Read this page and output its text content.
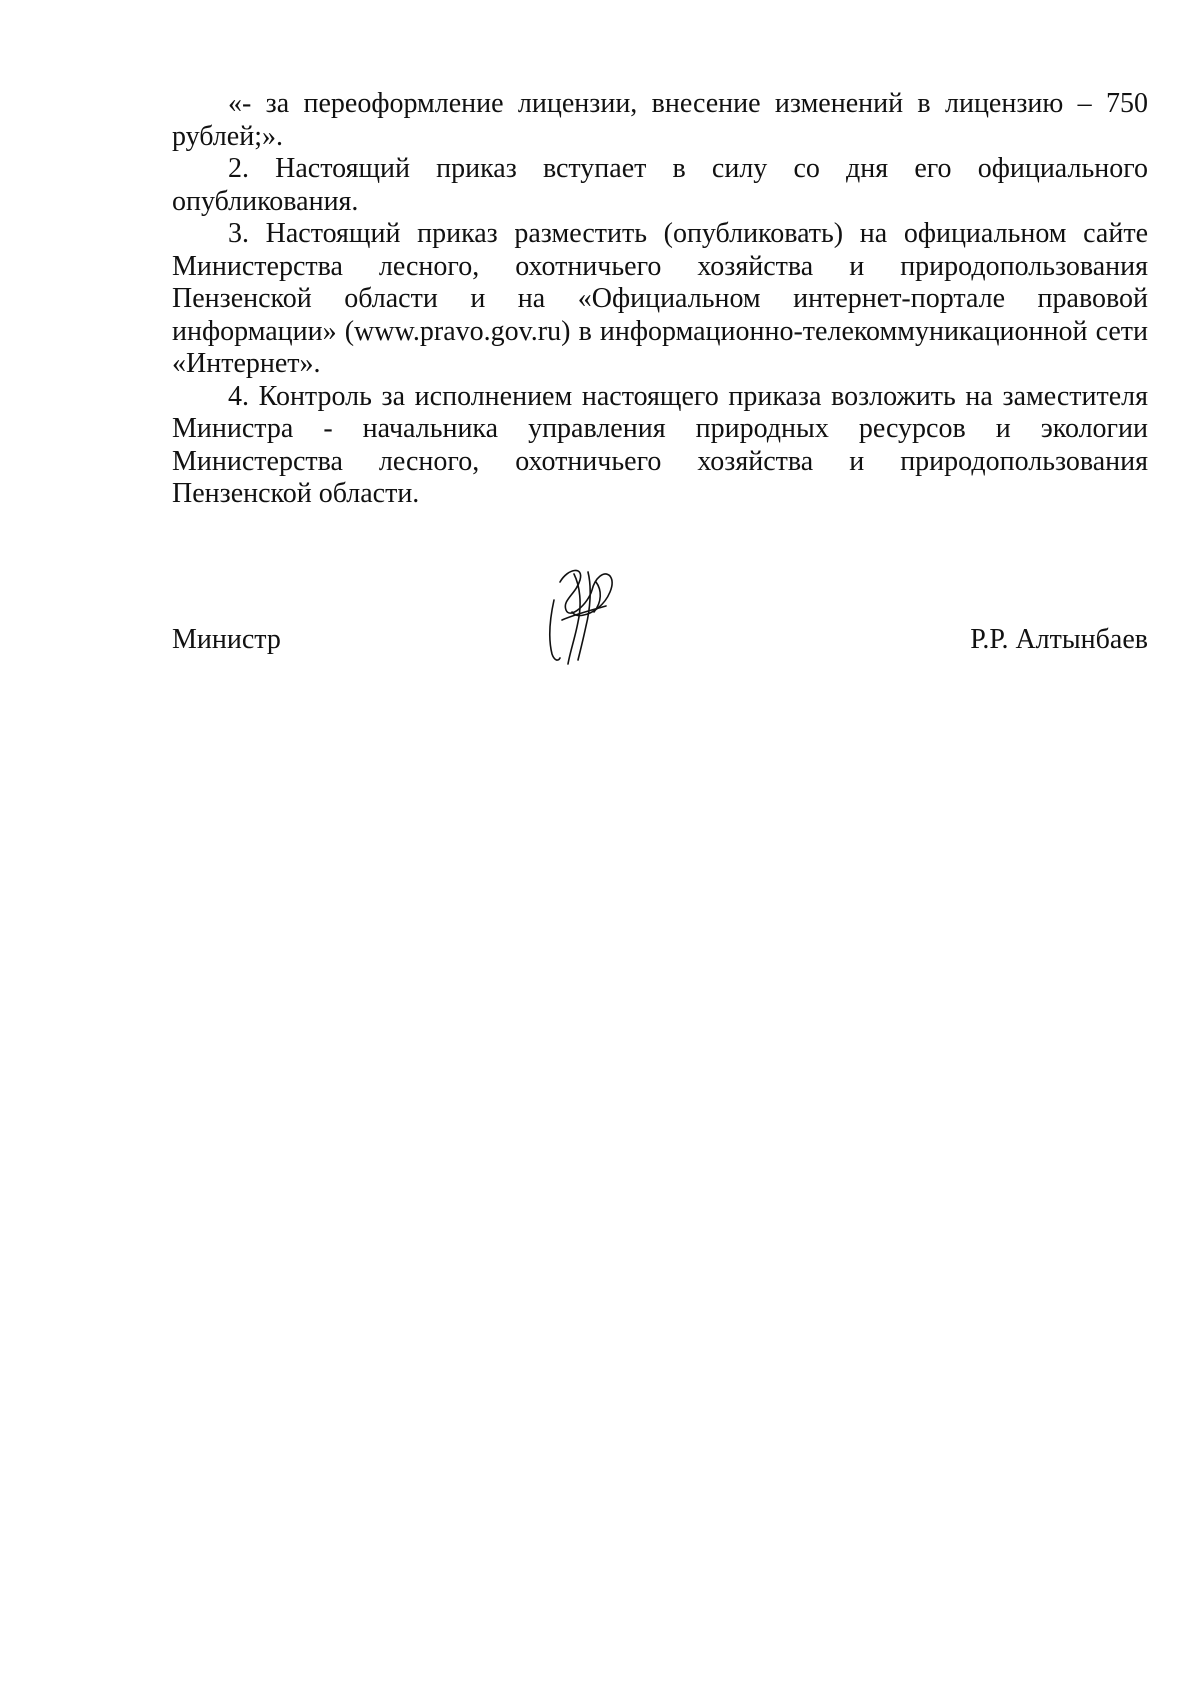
«- за переоформление лицензии, внесение изменений в лицензию – 750 рублей;».

2. Настоящий приказ вступает в силу со дня его официального опубликования.

3. Настоящий приказ разместить (опубликовать) на официальном сайте Министерства лесного, охотничьего хозяйства и природопользования Пензенской области и на «Официальном интернет-портале правовой информации» (www.pravo.gov.ru) в информационно-телекоммуникационной сети «Интернет».

4. Контроль за исполнением настоящего приказа возложить на заместителя Министра - начальника управления природных ресурсов и экологии Министерства лесного, охотничьего хозяйства и природопользования Пензенской области.

Министр	Р.Р. Алтынбаев
